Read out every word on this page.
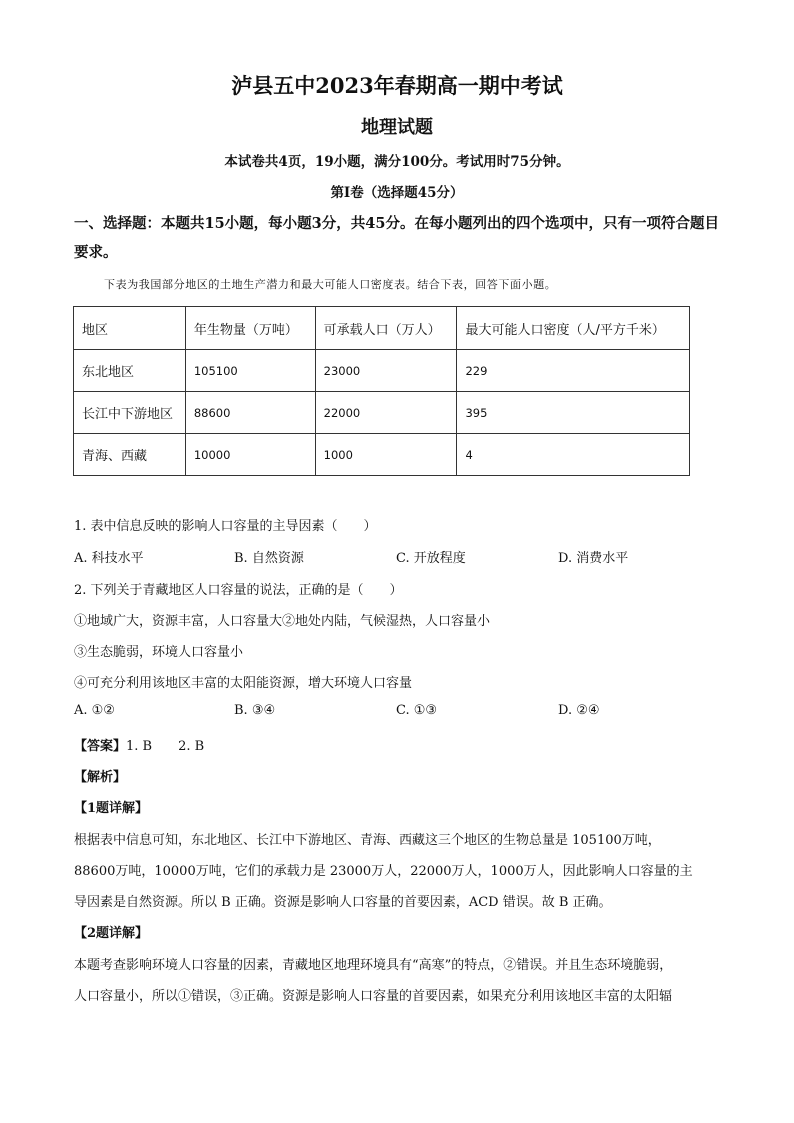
泸县五中2023年春期高一期中考试
地理试题
本试卷共4页，19小题，满分100分。考试用时75分钟。
第I卷（选择题45分）
一、选择题：本题共15小题，每小题3分，共45分。在每小题列出的四个选项中，只有一项符合题目要求。
下表为我国部分地区的土地生产潜力和最大可能人口密度表。结合下表，回答下面小题。
地区	年生物量（万吨）	可承载人口（万人）	最大可能人口密度（人/平方千米）
东北地区	105100	23000	229
长江中下游地区	88600	22000	395
青海、西藏	10000	1000	4
1. 表中信息反映的影响人口容量的主导因素（　　）
A. 科技水平	B. 自然资源	C. 开放程度	D. 消费水平
2. 下列关于青藏地区人口容量的说法，正确的是（　　）
①地域广大，资源丰富，人口容量大②地处内陆，气候湿热，人口容量小
③生态脆弱，环境人口容量小
④可充分利用该地区丰富的太阳能资源，增大环境人口容量
A. ①②	B. ③④	C. ①③	D. ②④
【答案】1. B　　2. B
【解析】
【1题详解】
根据表中信息可知，东北地区、长江中下游地区、青海、西藏这三个地区的生物总量是 105100万吨，
88600万吨，10000万吨，它们的承载力是 23000万人，22000万人，1000万人，因此影响人口容量的主
导因素是自然资源。所以 B 正确。资源是影响人口容量的首要因素，ACD 错误。故 B 正确。
【2题详解】
本题考查影响环境人口容量的因素，青藏地区地理环境具有“高寒”的特点，②错误。并且生态环境脆弱，
人口容量小，所以①错误，③正确。资源是影响人口容量的首要因素，如果充分利用该地区丰富的太阳辐
